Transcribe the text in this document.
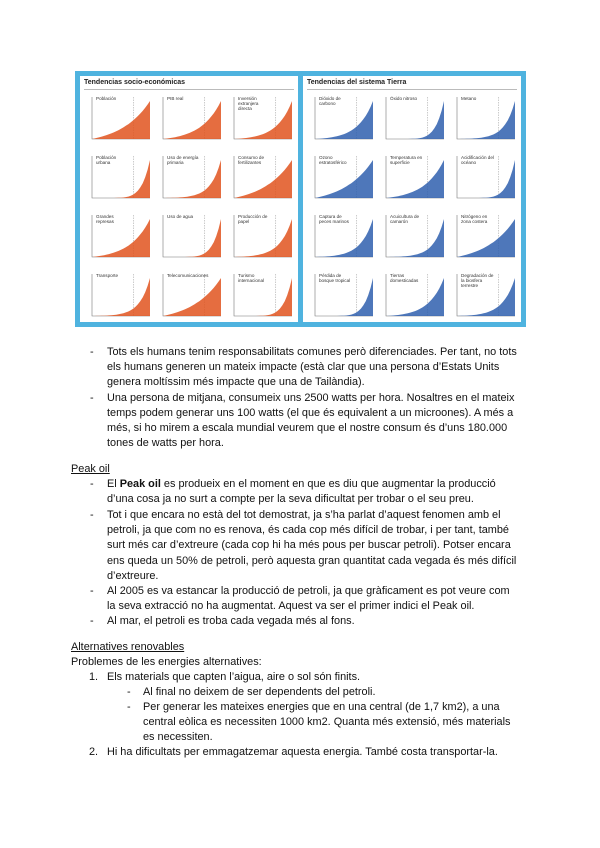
Tendencias socio-económicas
Población	PIB real	Inversión extranjera directa
Población urbana
Uso de energía primaria
Consumo de fertilizantes
Grandes represas
Uso de agua	Producción de papel
Transporte	Telecomunicaciones	Turismo internacional
Tendencias del sistema Tierra
Dióxido de carbono
Óxido nitroso	Metano
Ozono estratosférico
Temperatura en superficie
Acidificación del océano
Captura de peces marinos
Acuicultura de camarón
Nitrógeno en zona costera
Pérdida de bosque tropical
Tierras domesticadas
Degradación de la biosfera terrestre
- Tots els humans tenim responsabilitats comunes però diferenciades. Per tant, no tots
els humans generen un mateix impacte (està clar que una persona d’Estats Units
genera moltíssim més impacte que una de Tailàndia).
- Una persona de mitjana, consumeix uns 2500 watts per hora. Nosaltres en el mateix
temps podem generar uns 100 watts (el que és equivalent a un microones). A més a
més, si ho mirem a escala mundial veurem que el nostre consum és d’uns 180.000
tones de watts per hora.
Peak oil
- El Peak oil es produeix en el moment en que es diu que augmentar la producció
d’una cosa ja no surt a compte per la seva dificultat per trobar o el seu preu.
- Tot i que encara no està del tot demostrat, ja s’ha parlat d’aquest fenomen amb el
petroli, ja que com no es renova, és cada cop més difícil de trobar, i per tant, també
surt més car d’extreure (cada cop hi ha més pous per buscar petroli). Potser encara
ens queda un 50% de petroli, però aquesta gran quantitat cada vegada és més difícil
d’extreure.
- Al 2005 es va estancar la producció de petroli, ja que gràficament es pot veure com
la seva extracció no ha augmentat. Aquest va ser el primer indici el Peak oil.
- Al mar, el petroli es troba cada vegada més al fons.
Alternatives renovables
Problemes de les energies alternatives:
1. Els materials que capten l’aigua, aire o sol són finits.
- Al final no deixem de ser dependents del petroli.
- Per generar les mateixes energies que en una central (de 1,7 km2), a una
central eòlica es necessiten 1000 km2. Quanta més extensió, més materials
es necessiten.
2. Hi ha dificultats per emmagatzemar aquesta energia. També costa transportar-la.
